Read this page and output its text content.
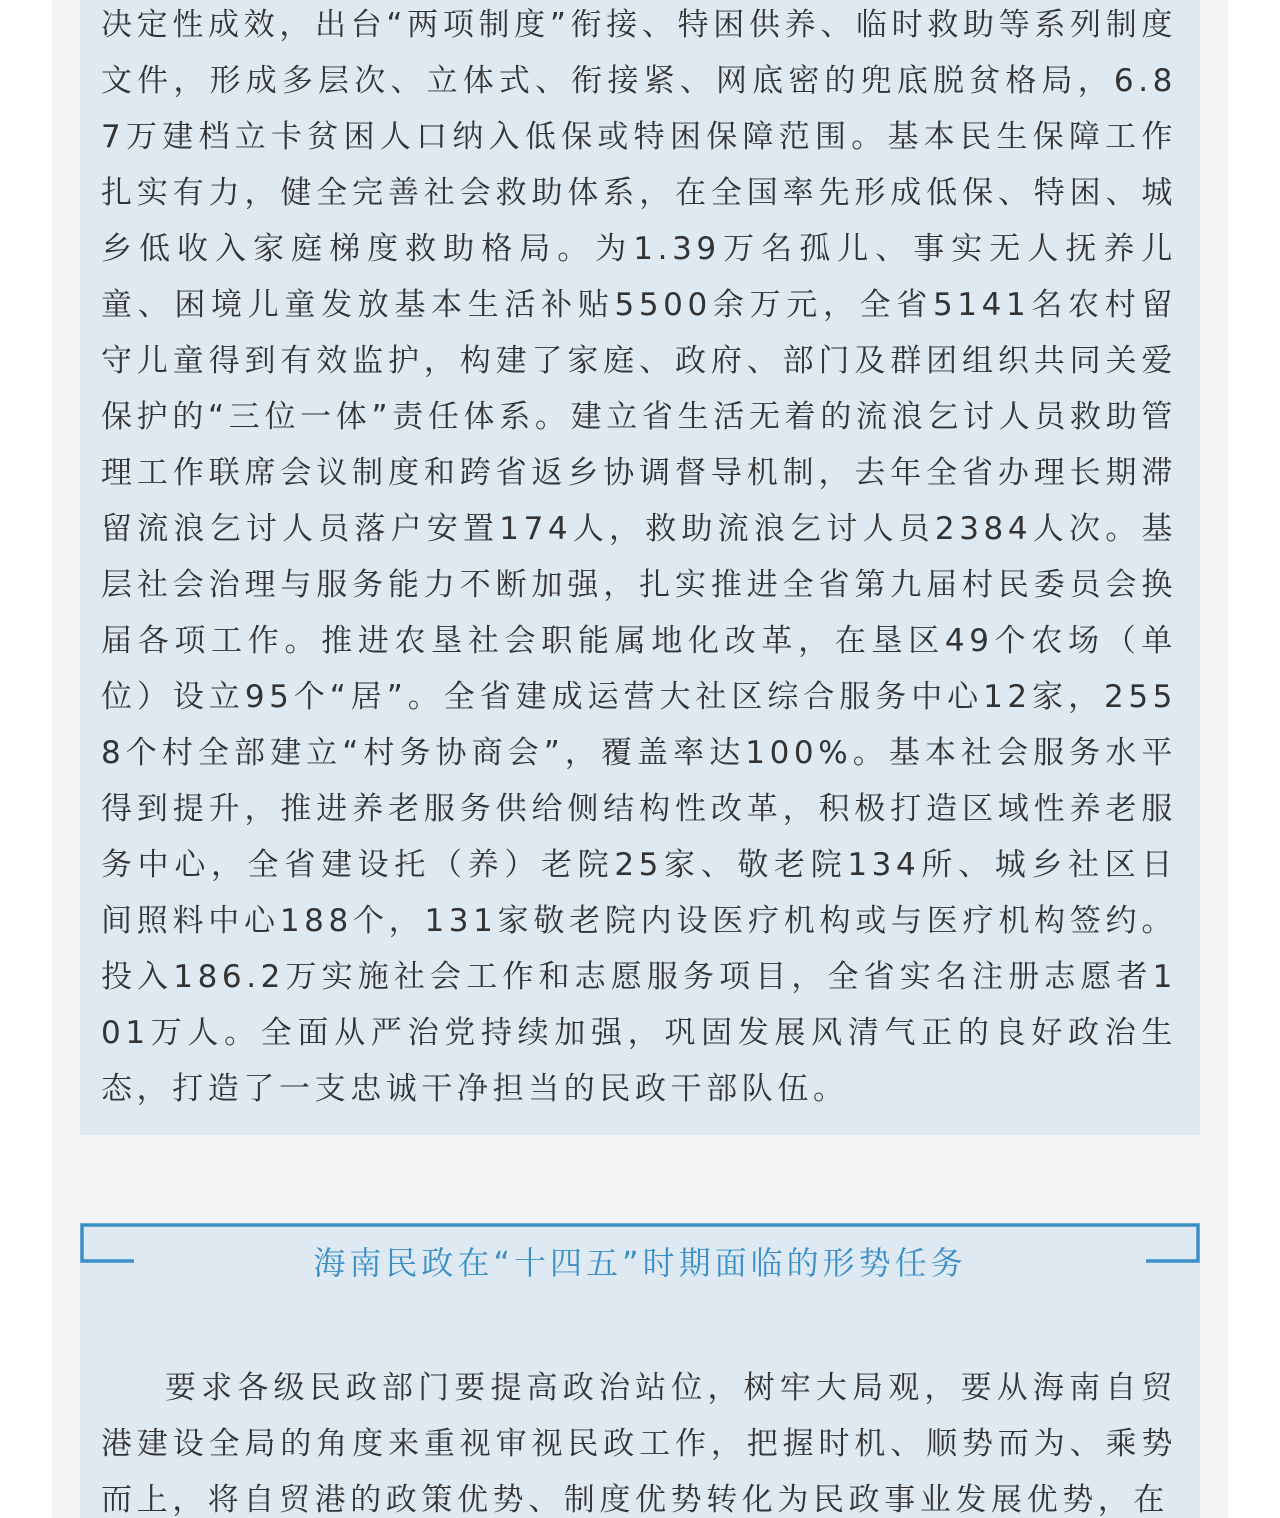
决定性成效，出台“两项制度”衔接、特困供养、临时救助等系列制度文件，形成多层次、立体式、衔接紧、网底密的兜底脱贫格局，6.87万建档立卡贫困人口纳入低保或特困保障范围。基本民生保障工作扎实有力，健全完善社会救助体系，在全国率先形成低保、特困、城乡低收入家庭梯度救助格局。为1.39万名孤儿、事实无人抚养儿童、困境儿童发放基本生活补贴5500余万元，全省5141名农村留守儿童得到有效监护，构建了家庭、政府、部门及群团组织共同关爱保护的“三位一体”责任体系。建立省生活无着的流浪乞讨人员救助管理工作联席会议制度和跨省返乡协调督导机制，去年全省办理长期滞留流浪乞讨人员落户安置174人，救助流浪乞讨人员2384人次。基层社会治理与服务能力不断加强，扎实推进全省第九届村民委员会换届各项工作。推进农垦社会职能属地化改革，在垦区49个农场（单位）设立95个“居”。全省建成运营大社区综合服务中心12家，2558个村全部建立“村务协商会”，覆盖率达100%。基本社会服务水平得到提升，推进养老服务供给侧结构性改革，积极打造区域性养老服务中心，全省建设托（养）老院25家、敬老院134所、城乡社区日间照料中心188个，131家敬老院内设医疗机构或与医疗机构签约。投入186.2万实施社会工作和志愿服务项目，全省实名注册志愿者101万人。全面从严治党持续加强，巩固发展风清气正的良好政治生态，打造了一支忠诚干净担当的民政干部队伍。

海南民政在“十四五”时期面临的形势任务

要求各级民政部门要提高政治站位，树牢大局观，要从海南自贸港建设全局的角度来重视审视民政工作，把握时机、顺势而为、乘势而上，将自贸港的政策优势、制度优势转化为民政事业发展优势，在
